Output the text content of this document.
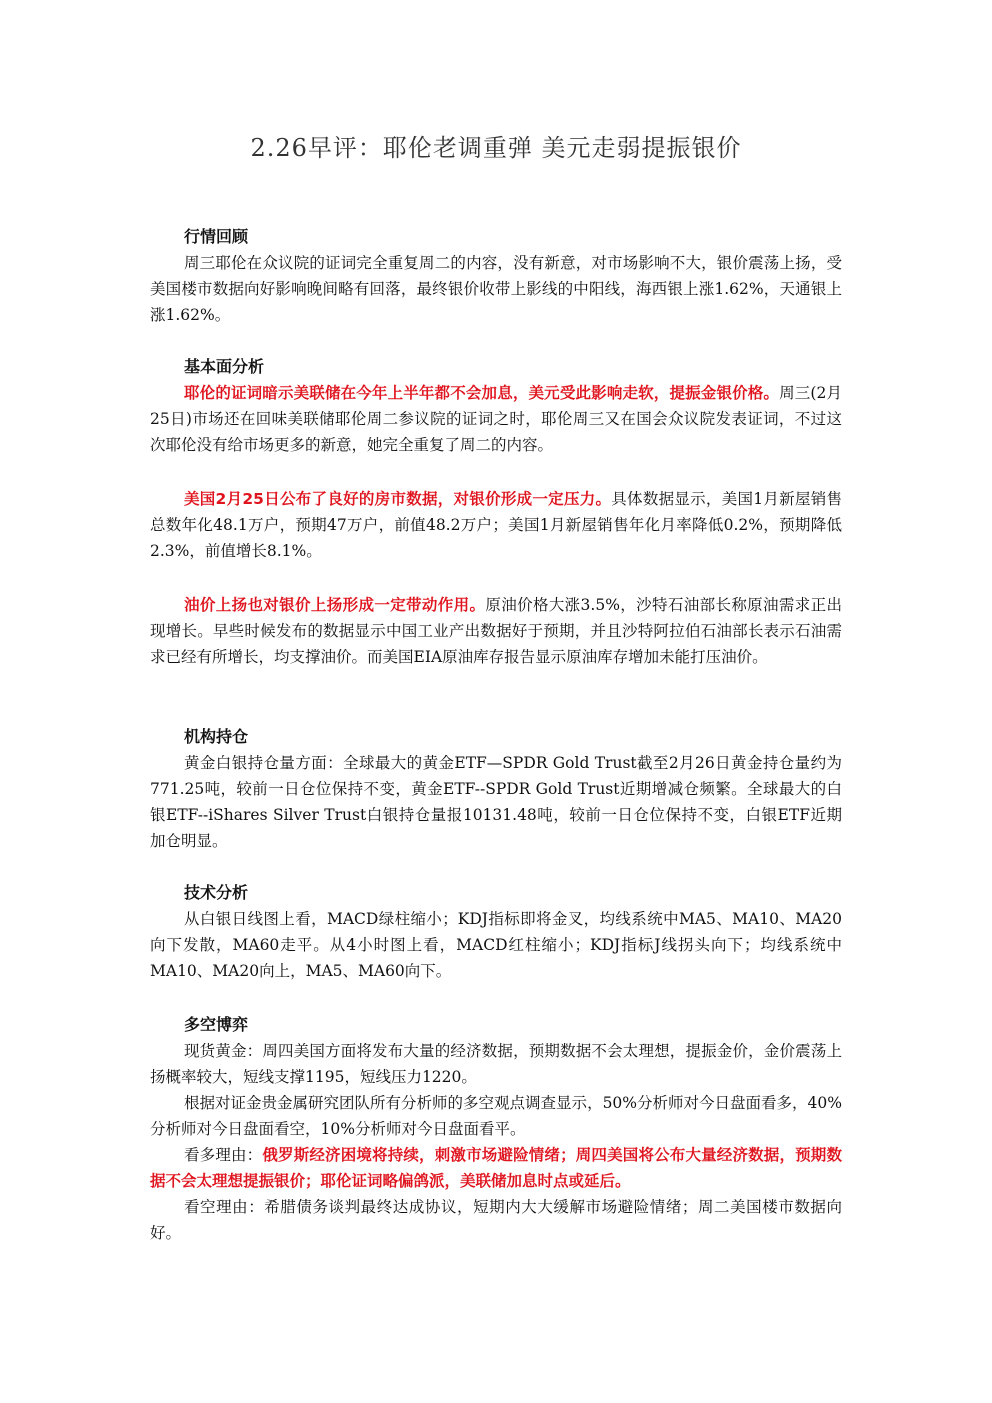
2.26早评：耶伦老调重弹 美元走弱提振银价
行情回顾

周三耶伦在众议院的证词完全重复周二的内容，没有新意，对市场影响不大，银价震荡上扬，受美国楼市数据向好影响晚间略有回落，最终银价收带上影线的中阳线，海西银上涨1.62%，天通银上涨1.62%。

基本面分析

耶伦的证词暗示美联储在今年上半年都不会加息，美元受此影响走软，提振金银价格。周三(2月25日)市场还在回味美联储耶伦周二参议院的证词之时，耶伦周三又在国会众议院发表证词，不过这次耶伦没有给市场更多的新意，她完全重复了周二的内容。

美国2月25日公布了良好的房市数据，对银价形成一定压力。具体数据显示，美国1月新屋销售总数年化48.1万户，预期47万户，前值48.2万户；美国1月新屋销售年化月率降低0.2%，预期降低2.3%，前值增长8.1%。

油价上扬也对银价上扬形成一定带动作用。原油价格大涨3.5%，沙特石油部长称原油需求正出现增长。早些时候发布的数据显示中国工业产出数据好于预期，并且沙特阿拉伯石油部长表示石油需求已经有所增长，均支撑油价。而美国EIA原油库存报告显示原油库存增加未能打压油价。

机构持仓

黄金白银持仓量方面：全球最大的黄金ETF—SPDR Gold Trust截至2月26日黄金持仓量约为771.25吨，较前一日仓位保持不变，黄金ETF--SPDR Gold Trust近期增减仓频繁。全球最大的白银ETF--iShares Silver Trust白银持仓量报10131.48吨，较前一日仓位保持不变，白银ETF近期加仓明显。

技术分析

从白银日线图上看，MACD绿柱缩小；KDJ指标即将金叉，均线系统中MA5、MA10、MA20向下发散，MA60走平。从4小时图上看，MACD红柱缩小；KDJ指标J线拐头向下；均线系统中MA10、MA20向上，MA5、MA60向下。

多空博弈

现货黄金：周四美国方面将发布大量的经济数据，预期数据不会太理想，提振金价，金价震荡上扬概率较大，短线支撑1195，短线压力1220。

根据对证金贵金属研究团队所有分析师的多空观点调查显示，50%分析师对今日盘面看多，40%分析师对今日盘面看空，10%分析师对今日盘面看平。

看多理由：俄罗斯经济困境将持续，刺激市场避险情绪；周四美国将公布大量经济数据，预期数据不会太理想提振银价；耶伦证词略偏鸽派，美联储加息时点或延后。

看空理由：希腊债务谈判最终达成协议，短期内大大缓解市场避险情绪；周二美国楼市数据向好。
